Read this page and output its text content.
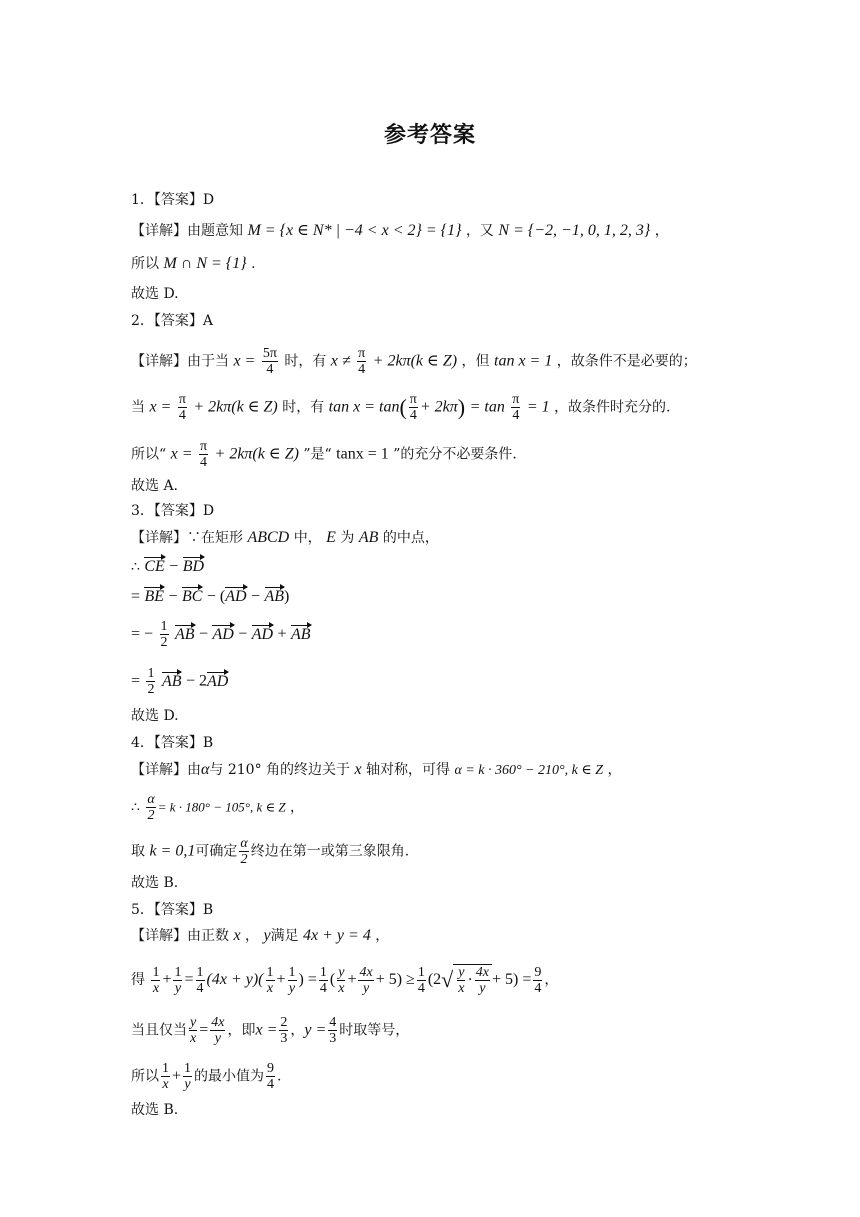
参考答案
1．【答案】D
【详解】由题意知 M = {x ∈ N* | −4 < x < 2} = {1} ，又 N = {−2, −1, 0, 1, 2, 3} ，
所以 M ∩ N = {1} .
故选 D.
2．【答案】A
【详解】由于当 $x = \frac{5\pi}{4}$ 时，有 $x \ne \frac{\pi}{4} + 2k\pi(k$ ∈ Z) ，但 tan x = 1 ，故条件不是必要的；
当 $x = \frac{\pi}{4} + 2k\pi(k$ ∈ Z) 时，有 $\tan x = \tan( \frac{\pi}{4} + 2k\pi) = \tan \frac{\pi}{4} = 1$ ，故条件时充分的.
所以“ $x = \frac{\pi}{4} + 2k\pi(k$ ∈ Z) ”是“ tanx = 1 ”的充分不必要条件.
故选 A.
3．【答案】D
【详解】∵在矩形 ABCD 中， E 为 AB 的中点，
∴ CE − BD
= BE − BC − (AD − AB)
= − $\frac{1}{2}$ AB − AD − AD + AB
= $\frac{1}{2}$ AB − 2AD
故选 D.
4．【答案】B
【详解】由α与 210° 角的终边关于 x 轴对称，可得 α = k · 360° − 210°, k ∈ Z ，
∴ $\frac{\alpha}{2} = k \cdot 180^\circ - 105^\circ$, k ∈ Z ，
取 k = 0,1可确定 $\frac{\alpha}{2}$ 终边在第一或第三象限角.
故选 B.
5．【答案】B
【详解】由正数 x ， y满足 4x + y = 4 ，
得 $\frac{1}{x} + \frac{1}{y} = \frac{1}{4} (4x + y)( \frac{1}{x} + \frac{1}{y}$ ) = $\frac{1}{4}$ ( $\frac{y}{x} + \frac{4x}{y} + 5) \ge \frac{1}{4} (2√ \frac{y}{x} \cdot \frac{4x}{y} + 5) = \frac{9}{4}$ ，
当且仅当 $\frac{y}{x} = \frac{4x}{y}$ ，即$x = \frac{2}{3}$ ，$y = \frac{4}{3}$ 时取等号，
所以 $\frac{1}{x} + \frac{1}{y}$ 的最小值为 $\frac{9}{4}$ .
故选 B.
